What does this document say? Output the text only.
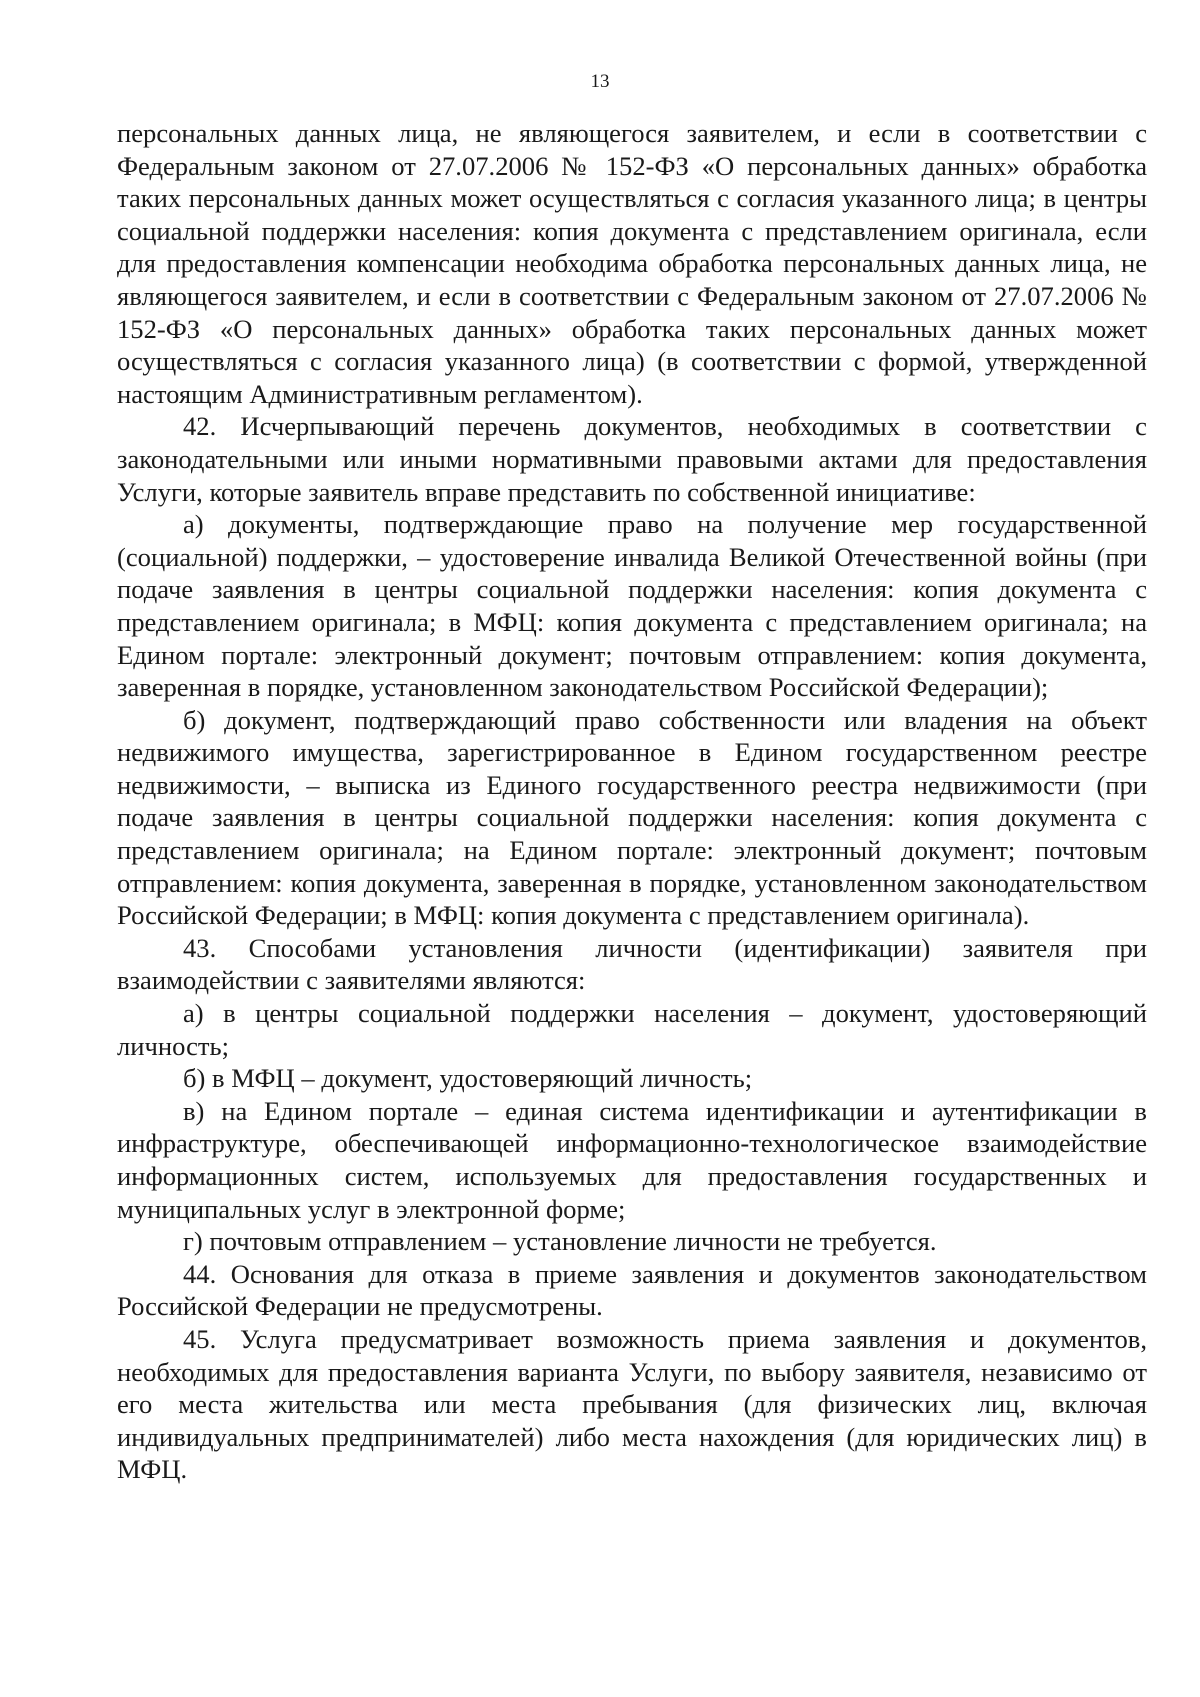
13

персональных данных лица, не являющегося заявителем, и если в соответствии с Федеральным законом от 27.07.2006 № 152-ФЗ «О персональных данных» обработка таких персональных данных может осуществляться с согласия указанного лица; в центры социальной поддержки населения: копия документа с представлением оригинала, если для предоставления компенсации необходима обработка персональных данных лица, не являющегося заявителем, и если в соответствии с Федеральным законом от 27.07.2006 № 152-ФЗ «О персональных данных» обработка таких персональных данных может осуществляться с согласия указанного лица) (в соответствии с формой, утвержденной настоящим Административным регламентом).

42. Исчерпывающий перечень документов, необходимых в соответствии с законодательными или иными нормативными правовыми актами для предоставления Услуги, которые заявитель вправе представить по собственной инициативе:

а) документы, подтверждающие право на получение мер государственной (социальной) поддержки, – удостоверение инвалида Великой Отечественной войны (при подаче заявления в центры социальной поддержки населения: копия документа с представлением оригинала; в МФЦ: копия документа с представлением оригинала; на Едином портале: электронный документ; почтовым отправлением: копия документа, заверенная в порядке, установленном законодательством Российской Федерации);

б) документ, подтверждающий право собственности или владения на объект недвижимого имущества, зарегистрированное в Едином государственном реестре недвижимости, – выписка из Единого государственного реестра недвижимости (при подаче заявления в центры социальной поддержки населения: копия документа с представлением оригинала; на Едином портале: электронный документ; почтовым отправлением: копия документа, заверенная в порядке, установленном законодательством Российской Федерации; в МФЦ: копия документа с представлением оригинала).

43. Способами установления личности (идентификации) заявителя при взаимодействии с заявителями являются:

а) в центры социальной поддержки населения – документ, удостоверяющий личность;

б) в МФЦ – документ, удостоверяющий личность;

в) на Едином портале – единая система идентификации и аутентификации в инфраструктуре, обеспечивающей информационно-технологическое взаимодействие информационных систем, используемых для предоставления государственных и муниципальных услуг в электронной форме;

г) почтовым отправлением – установление личности не требуется.

44. Основания для отказа в приеме заявления и документов законодательством Российской Федерации не предусмотрены.

45. Услуга предусматривает возможность приема заявления и документов, необходимых для предоставления варианта Услуги, по выбору заявителя, независимо от его места жительства или места пребывания (для физических лиц, включая индивидуальных предпринимателей) либо места нахождения (для юридических лиц) в МФЦ.
